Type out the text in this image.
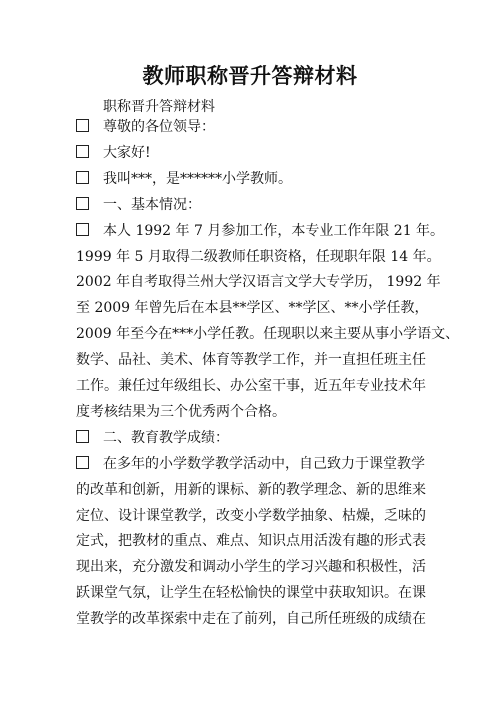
教师职称晋升答辩材料
职称晋升答辩材料
尊敬的各位领导：
大家好!
我叫***，是******小学教师。
一、基本情况：
本人 1992 年 7 月参加工作，本专业工作年限 21 年。
1999 年 5 月取得二级教师任职资格，任现职年限 14 年。
2002 年自考取得兰州大学汉语言文学大专学历， 1992 年
至 2009 年曾先后在本县**学区、**学区、**小学任教，
2009 年至今在***小学任教。任现职以来主要从事小学语文、
数学、品社、美术、体育等教学工作，并一直担任班主任
工作。兼任过年级组长、办公室干事，近五年专业技术年
度考核结果为三个优秀两个合格。
二、教育教学成绩：
在多年的小学数学教学活动中，自己致力于课堂教学
的改革和创新，用新的课标、新的教学理念、新的思维来
定位、设计课堂教学，改变小学数学抽象、枯燥，乏味的
定式，把教材的重点、难点、知识点用活泼有趣的形式表
现出来，充分激发和调动小学生的学习兴趣和积极性，活
跃课堂气氛，让学生在轻松愉快的课堂中获取知识。在课
堂教学的改革探索中走在了前列，自己所任班级的成绩在
